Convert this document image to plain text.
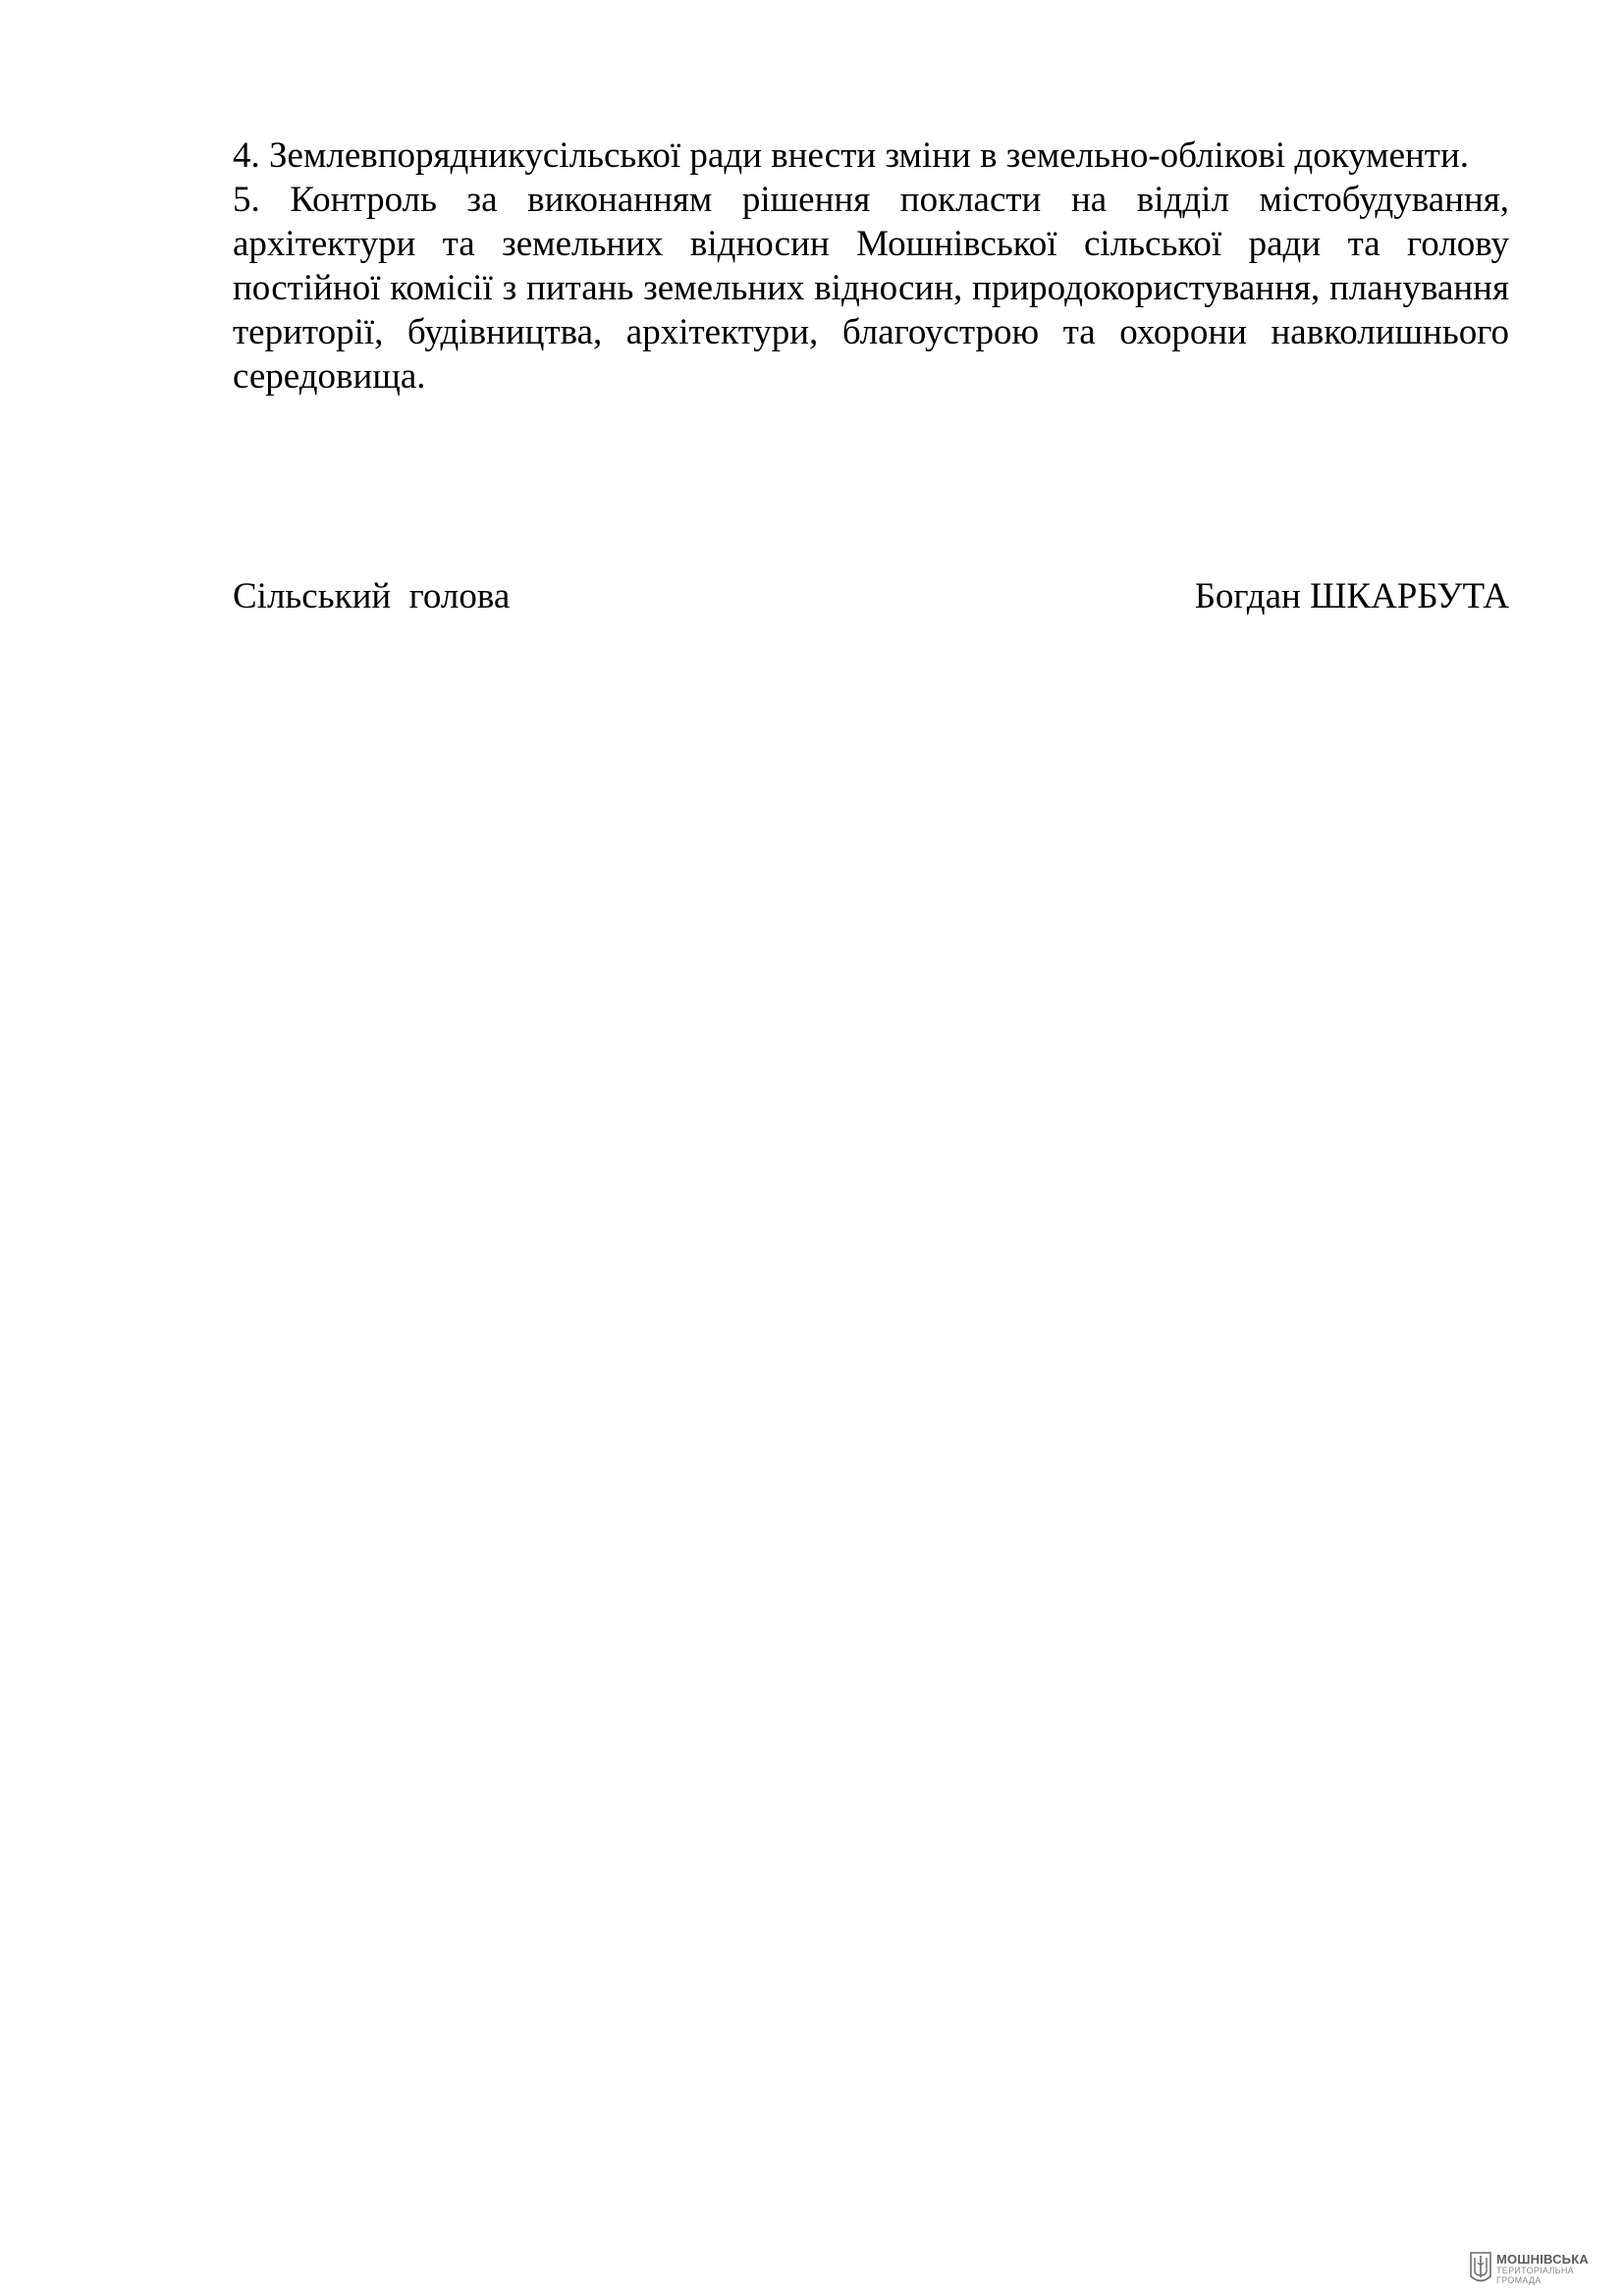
4. Землевпорядникусільської ради внести зміни в земельно-облікові документи.

5. Контроль за виконанням рішення покласти на відділ містобудування, архітектури та земельних відносин Мошнівської сільської ради та голову постійної комісії з питань земельних відносин, природокористування, планування території, будівництва, архітектури, благоустрою та охорони навколишнього середовища.

Сільський  голова	Богдан ШКАРБУТА
МОШНІВСЬКА
ТЕРИТОРІАЛЬНА
ГРОМАДА
